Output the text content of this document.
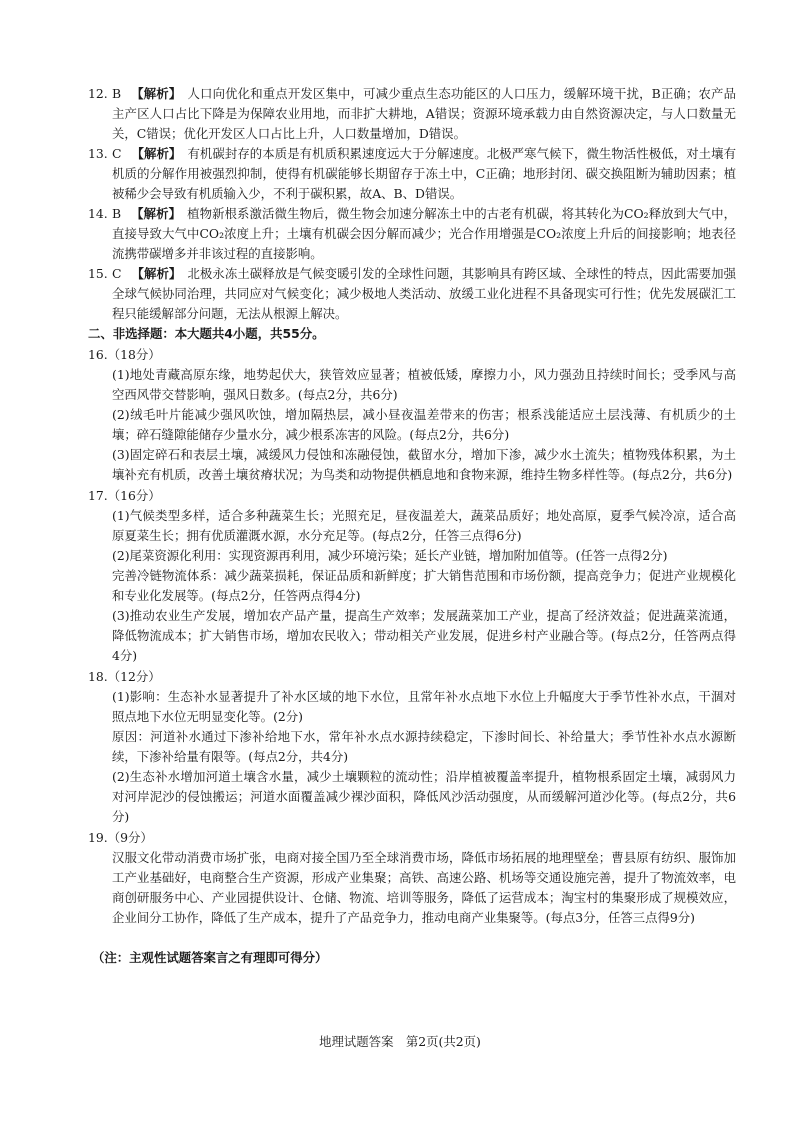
12. B 【解析】 人口向优化和重点开发区集中，可减少重点生态功能区的人口压力，缓解环境干扰，B正确；农产品主产区人口占比下降是为保障农业用地，而非扩大耕地，A错误；资源环境承载力由自然资源决定，与人口数量无关，C错误；优化开发区人口占比上升，人口数量增加，D错误。
13. C 【解析】 有机碳封存的本质是有机质积累速度远大于分解速度。北极严寒气候下，微生物活性极低，对土壤有机质的分解作用被强烈抑制，使得有机碳能够长期留存于冻土中，C正确；地形封闭、碳交换阻断为辅助因素；植被稀少会导致有机质输入少，不利于碳积累，故A、B、D错误。
14. B 【解析】 植物新根系激活微生物后，微生物会加速分解冻土中的古老有机碳，将其转化为CO₂释放到大气中，直接导致大气中CO₂浓度上升；土壤有机碳会因分解而减少；光合作用增强是CO₂浓度上升后的间接影响；地表径流携带碳增多并非该过程的直接影响。
15. C 【解析】 北极永冻土碳释放是气候变暖引发的全球性问题，其影响具有跨区域、全球性的特点，因此需要加强全球气候协同治理，共同应对气候变化；减少极地人类活动、放缓工业化进程不具备现实可行性；优先发展碳汇工程只能缓解部分问题，无法从根源上解决。

二、非选择题：本大题共4小题，共55分。

16.（18分）

(1)地处青藏高原东缘，地势起伏大，狭管效应显著；植被低矮，摩擦力小，风力强劲且持续时间长；受季风与高空西风带交替影响，强风日数多。(每点2分，共6分)

(2)绒毛叶片能减少强风吹蚀，增加隔热层，减小昼夜温差带来的伤害；根系浅能适应土层浅薄、有机质少的土壤；碎石缝隙能储存少量水分，减少根系冻害的风险。(每点2分，共6分)

(3)固定碎石和表层土壤，减缓风力侵蚀和冻融侵蚀，截留水分，增加下渗，减少水土流失；植物残体积累，为土壤补充有机质，改善土壤贫瘠状况；为鸟类和动物提供栖息地和食物来源，维持生物多样性等。(每点2分，共6分)

17.（16分）

(1)气候类型多样，适合多种蔬菜生长；光照充足，昼夜温差大，蔬菜品质好；地处高原，夏季气候冷凉，适合高原夏菜生长；拥有优质灌溉水源，水分充足等。(每点2分，任答三点得6分)

(2)尾菜资源化利用：实现资源再利用，减少环境污染；延长产业链，增加附加值等。(任答一点得2分)

完善冷链物流体系：减少蔬菜损耗，保证品质和新鲜度；扩大销售范围和市场份额，提高竞争力；促进产业规模化和专业化发展等。(每点2分，任答两点得4分)

(3)推动农业生产发展，增加农产品产量，提高生产效率；发展蔬菜加工产业，提高了经济效益；促进蔬菜流通，降低物流成本；扩大销售市场，增加农民收入；带动相关产业发展，促进乡村产业融合等。(每点2分，任答两点得4分)

18.（12分）

(1)影响：生态补水显著提升了补水区域的地下水位，且常年补水点地下水位上升幅度大于季节性补水点，干涸对照点地下水位无明显变化等。(2分)

原因：河道补水通过下渗补给地下水，常年补水点水源持续稳定，下渗时间长、补给量大；季节性补水点水源断续，下渗补给量有限等。(每点2分，共4分)

(2)生态补水增加河道土壤含水量，减少土壤颗粒的流动性；沿岸植被覆盖率提升，植物根系固定土壤，减弱风力对河岸泥沙的侵蚀搬运；河道水面覆盖减少裸沙面积，降低风沙活动强度，从而缓解河道沙化等。(每点2分，共6分)

19.（9分）

汉服文化带动消费市场扩张，电商对接全国乃至全球消费市场，降低市场拓展的地理壁垒；曹县原有纺织、服饰加工产业基础好，电商整合生产资源，形成产业集聚；高铁、高速公路、机场等交通设施完善，提升了物流效率，电商创研服务中心、产业园提供设计、仓储、物流、培训等服务，降低了运营成本；淘宝村的集聚形成了规模效应，企业间分工协作，降低了生产成本，提升了产品竞争力，推动电商产业集聚等。(每点3分，任答三点得9分)

（注：主观性试题答案言之有理即可得分）

地理试题答案　第2页(共2页)
